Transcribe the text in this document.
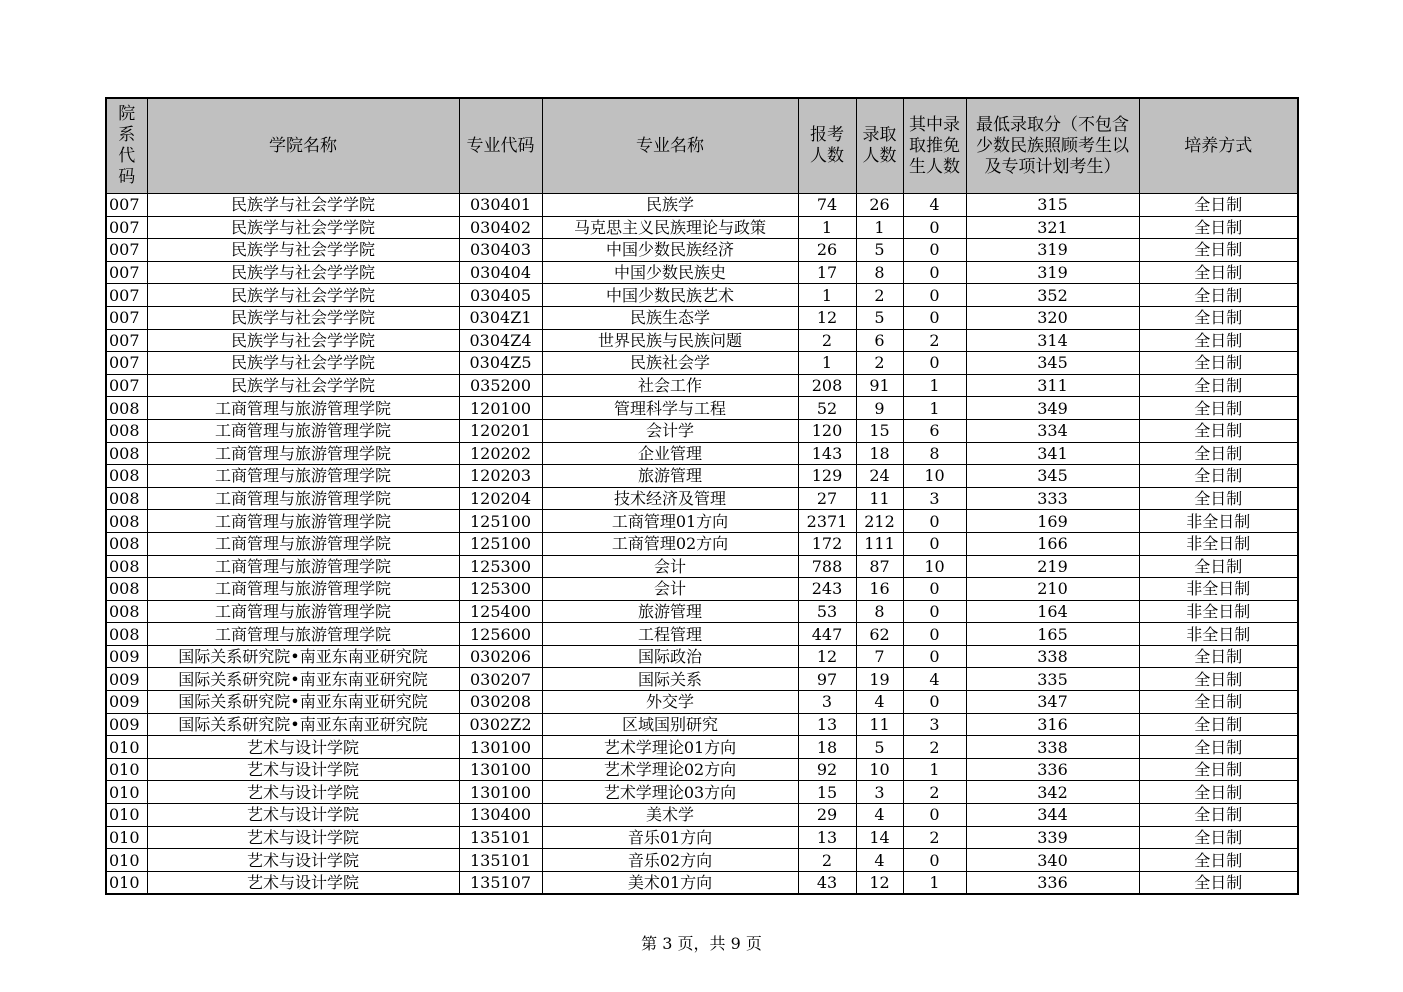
院系代码	学院名称	专业代码	专业名称	报考人数	录取人数	其中录取推免生人数	最低录取分（不包含少数民族照顾考生以及专项计划考生）	培养方式
007	民族学与社会学学院	030401	民族学	74	26	4	315	全日制
007	民族学与社会学学院	030402	马克思主义民族理论与政策	1	1	0	321	全日制
007	民族学与社会学学院	030403	中国少数民族经济	26	5	0	319	全日制
007	民族学与社会学学院	030404	中国少数民族史	17	8	0	319	全日制
007	民族学与社会学学院	030405	中国少数民族艺术	1	2	0	352	全日制
007	民族学与社会学学院	0304Z1	民族生态学	12	5	0	320	全日制
007	民族学与社会学学院	0304Z4	世界民族与民族问题	2	6	2	314	全日制
007	民族学与社会学学院	0304Z5	民族社会学	1	2	0	345	全日制
007	民族学与社会学学院	035200	社会工作	208	91	1	311	全日制
008	工商管理与旅游管理学院	120100	管理科学与工程	52	9	1	349	全日制
008	工商管理与旅游管理学院	120201	会计学	120	15	6	334	全日制
008	工商管理与旅游管理学院	120202	企业管理	143	18	8	341	全日制
008	工商管理与旅游管理学院	120203	旅游管理	129	24	10	345	全日制
008	工商管理与旅游管理学院	120204	技术经济及管理	27	11	3	333	全日制
008	工商管理与旅游管理学院	125100	工商管理01方向	2371	212	0	169	非全日制
008	工商管理与旅游管理学院	125100	工商管理02方向	172	111	0	166	非全日制
008	工商管理与旅游管理学院	125300	会计	788	87	10	219	全日制
008	工商管理与旅游管理学院	125300	会计	243	16	0	210	非全日制
008	工商管理与旅游管理学院	125400	旅游管理	53	8	0	164	非全日制
008	工商管理与旅游管理学院	125600	工程管理	447	62	0	165	非全日制
009	国际关系研究院•南亚东南亚研究院	030206	国际政治	12	7	0	338	全日制
009	国际关系研究院•南亚东南亚研究院	030207	国际关系	97	19	4	335	全日制
009	国际关系研究院•南亚东南亚研究院	030208	外交学	3	4	0	347	全日制
009	国际关系研究院•南亚东南亚研究院	0302Z2	区域国别研究	13	11	3	316	全日制
010	艺术与设计学院	130100	艺术学理论01方向	18	5	2	338	全日制
010	艺术与设计学院	130100	艺术学理论02方向	92	10	1	336	全日制
010	艺术与设计学院	130100	艺术学理论03方向	15	3	2	342	全日制
010	艺术与设计学院	130400	美术学	29	4	0	344	全日制
010	艺术与设计学院	135101	音乐01方向	13	14	2	339	全日制
010	艺术与设计学院	135101	音乐02方向	2	4	0	340	全日制
010	艺术与设计学院	135107	美术01方向	43	12	1	336	全日制
第 3 页，共 9 页
